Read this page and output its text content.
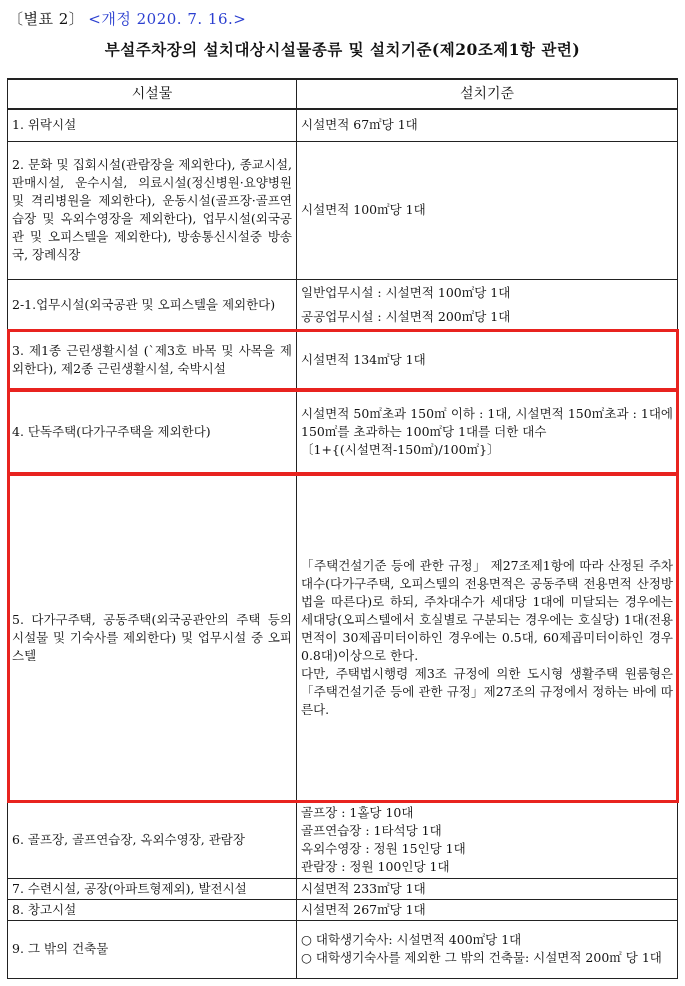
〔별표 2〕 <개정 2020. 7. 16.>
부설주차장의 설치대상시설물종류 및 설치기준(제20조제1항 관련)
시설물	설치기준
1. 위락시설	시설면적 67㎡당 1대

2. 문화 및 집회시설(관람장을 제외한다), 종교시설, 판매시설, 운수시설, 의료시설(정신병원·요양병원 및 격리병원을 제외한다), 운동시설(골프장·골프연습장 및 옥외수영장을 제외한다), 업무시설(외국공관 및 오피스텔을 제외한다), 방송통신시설중 방송국, 장례식장	시설면적 100㎡당 1대

2-1.업무시설(외국공관 및 오피스텔을 제외한다)	일반업무시설 : 시설면적 100㎡당 1대
공공업무시설 : 시설면적 200㎡당 1대

3. 제1종 근린생활시설 (`제3호 바목 및 사목을 제외한다), 제2종 근린생활시설, 숙박시설	시설면적 134㎡당 1대

4. 단독주택(다가구주택을 제외한다)	시설면적 50㎡초과 150㎡ 이하 : 1대, 시설면적 150㎡초과 : 1대에 150㎡를 초과하는 100㎡당 1대를 더한 대수
〔1+{(시설면적-150㎡)/100㎡}〕

5. 다가구주택, 공동주택(외국공관안의 주택 등의 시설물 및 기숙사를 제외한다) 및 업무시설 중 오피스텔	「주택건설기준 등에 관한 규정」 제27조제1항에 따라 산정된 주차대수(다가구주택, 오피스텔의 전용면적은 공동주택 전용면적 산정방법을 따른다)로 하되, 주차대수가 세대당 1대에 미달되는 경우에는 세대당(오피스텔에서 호실별로 구분되는 경우에는 호실당) 1대(전용면적이 30제곱미터이하인 경우에는 0.5대, 60제곱미터이하인 경우0.8대)이상으로 한다.
다만, 주택법시행령 제3조 규정에 의한 도시형 생활주택 원룸형은 「주택건설기준 등에 관한 규정」제27조의 규정에서 정하는 바에 따른다.

6. 골프장, 골프연습장, 옥외수영장, 관람장	골프장 : 1홀당 10대
골프연습장 : 1타석당 1대
옥외수영장 : 정원 15인당 1대
관람장 : 정원 100인당 1대

7. 수련시설, 공장(아파트형제외), 발전시설	시설면적 233㎡당 1대

8. 창고시설	시설면적 267㎡당 1대

9. 그 밖의 건축물	○ 대학생기숙사: 시설면적 400㎡당 1대
○ 대학생기숙사를 제외한 그 밖의 건축물: 시설면적 200㎡ 당 1대
